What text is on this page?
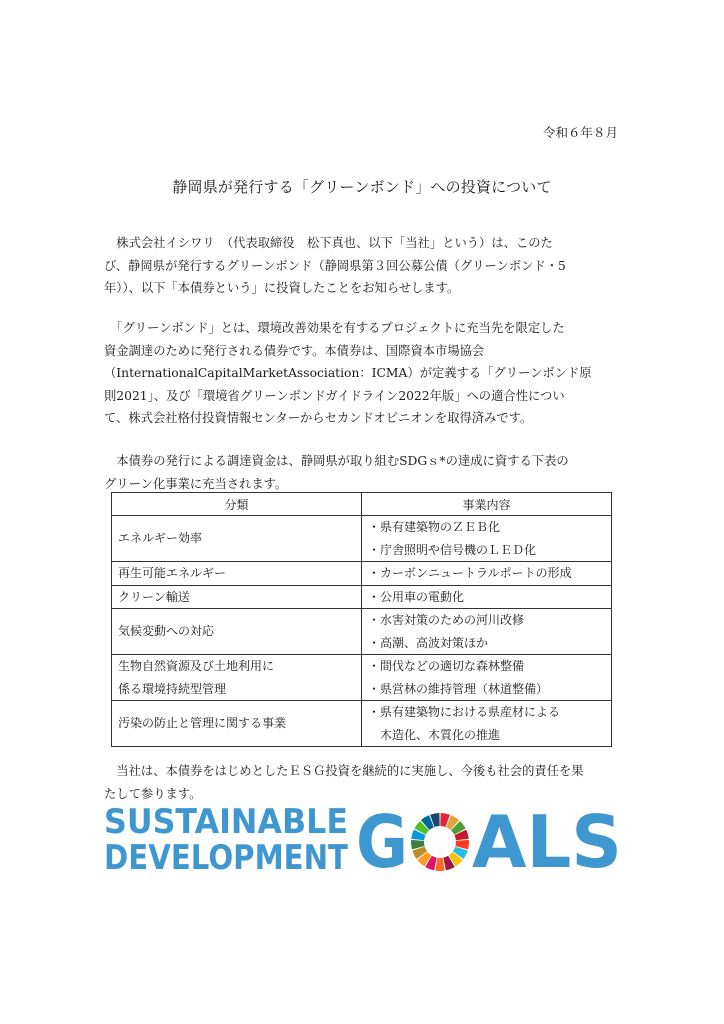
令和６年８月
静岡県が発行する「グリーンボンド」への投資について

　株式会社イシワリ　（代表取締役　松下真也、以下「当社」という）は、このた
び、静岡県が発行するグリーンボンド（静岡県第３回公募公債（グリーンボンド・5
年））、以下「本債券という」に投資したことをお知らせします。

　「グリーンボンド」とは、環境改善効果を有するプロジェクトに充当先を限定した
資金調達のために発行される債券です。本債券は、国際資本市場協会
（InternationalCapitalMarketAssociation：ICMA）が定義する「グリーンボンド原
則2021」、及び「環境省グリーンボンドガイドライン2022年版」への適合性につい
て、株式会社格付投資情報センターからセカンドオピニオンを取得済みです。

　本債券の発行による調達資金は、静岡県が取り組むSDGｓ*の達成に資する下表の
グリーン化事業に充当されます。

分類	事業内容

エネルギー効率	・県有建築物のＺＥＢ化
・庁舎照明や信号機のＬＥＤ化

再生可能エネルギー	・カーボンニュートラルポートの形成

クリーン輸送	・公用車の電動化

気候変動への対応	・水害対策のための河川改修
・高潮、高波対策ほか

生物自然資源及び土地利用に
係る環境持続型管理	・間伐などの適切な森林整備
・県営林の維持管理（林道整備）

汚染の防止と管理に関する事業	・県有建築物における県産材による
　木造化、木質化の推進

　当社は、本債券をはじめとしたＥＳＧ投資を継続的に実施し、今後も社会的責任を果
たして参ります。

SUSTAINABLE
DEVELOPMENT G ALS
